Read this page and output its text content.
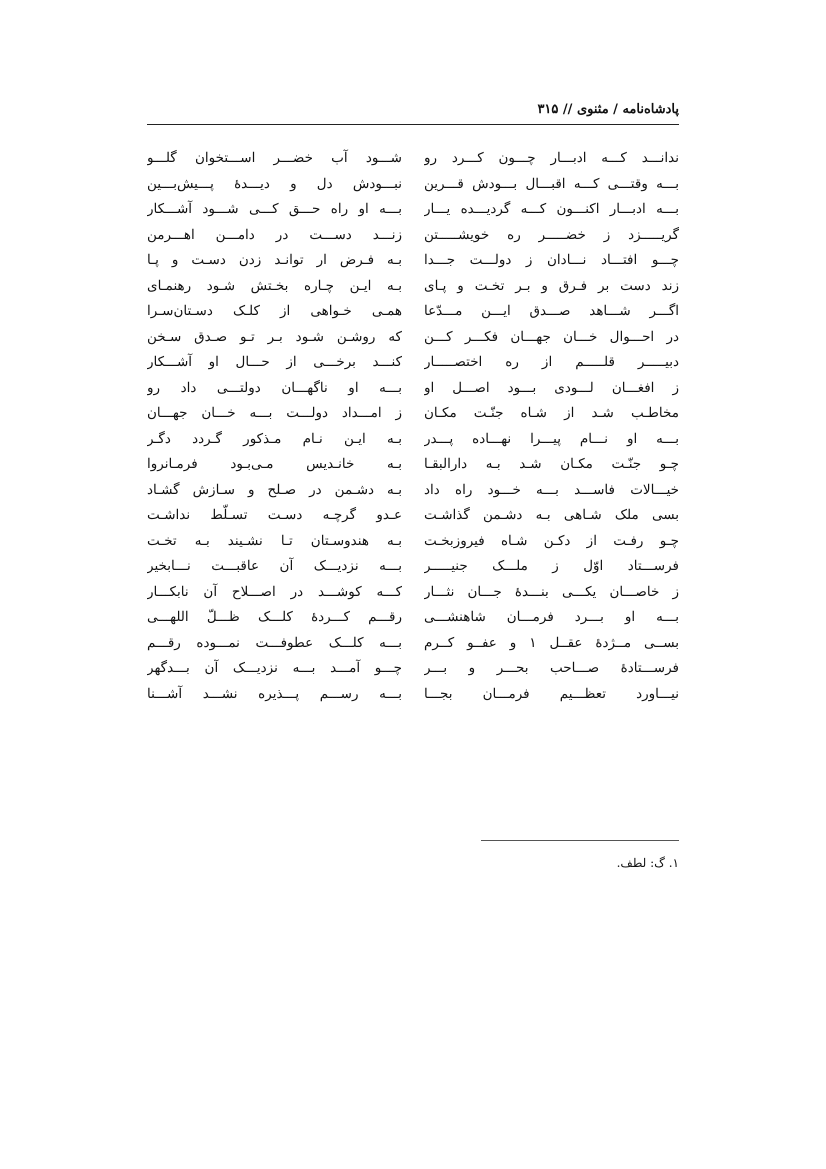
پادشاه‌نامه / مثنوی // ۳۱۵
ندانـــد کـــه ادبـــار چـــون کـــرد رو
بـــه وقتـــی کـــه اقبـــال بـــودش قـــرین
بـــه ادبـــار اکنـــون کـــه گردیـــده یـــار
گریـــــزد ز خضـــــر ره خویشـــــتن
چـــو افتـــاد نـــادان ز دولـــت جـــدا
زند دست بر فـرق و بـر تخـت و پـای
اگـــر شـــاهد صـــدق ایـــن مـــدّعا
در احـــوال خـــان جهـــان فکـــر کـــن
دبیـــــر قلـــــم از ره اختصـــــار
ز افغـــان لـــودی بـــود اصـــل او
مخاطـب شـد از شـاه جنّـت مکـان
بـــه او نـــام پیـــرا نهـــاده پـــدر
چـو جنّـت مکـان شـد بـه دارالبقـا
خیـــالات فاســـد بـــه خـــود راه داد
بسی ملک شـاهی بـه دشـمن گذاشـت
چـو رفـت از دکـن شـاه فیروزبخـت
فرســـتاد اوّل ز ملـــک جنیـــــر
ز خاصـــان یکـــی بنـــدهٔ جـــان نثـــار
بـــه او بـــرد فرمـــان شاهنشـــی
بســی مــژدهٔ عقــل ۱ و عفــو کــرم
فرســـتادهٔ صـــاحب بحـــر و بـــر
نیـــاورد تعظـــیم فرمـــان بجـــا
شـــود آب خضـــر اســـتخوان گلـــو
نبـــودش دل و دیـــدهٔ پـــیش‌بـــین
بـــه او راه حـــق کـــی شـــود آشـــکار
زنـــد دســـت در دامـــن اهـــرمن
بـه فـرض ار توانـد زدن دسـت و پـا
بـه ایـن چـاره بخـتش شـود رهنمـای
همـی خـواهی از کلـک دسـتان‌سـرا
که روشـن شـود بـر تـو صـدق سـخن
کنـــد برخـــی از حـــال او آشـــکار
بـــه او ناگهـــان دولتـــی داد رو
ز امـــداد دولـــت بـــه خـــان جهـــان
بـه ایـن نـام مـذکور گـردد دگـر
بـه خانـدیس مـی‌بـود فرمـانروا
بـه دشـمن در صـلح و سـازش گشـاد
عـدو گرچـه دسـت تسـلّط نداشـت
بـه هندوسـتان تـا نشـیند بـه تخـت
بـــه نزدیـــک آن عاقبـــت نـــابخیر
کـــه کوشـــد در اصـــلاح آن نابکـــار
رقـــم کـــردهٔ کلـــک ظـــلّ اللهـــی
بـــه کلـــک عطوفـــت نمـــوده رقـــم
چـــو آمـــد بـــه نزدیـــک آن بـــدگهر
بـــه رســـم پـــذیره نشـــد آشـــنا
۱. گ: لطف.
